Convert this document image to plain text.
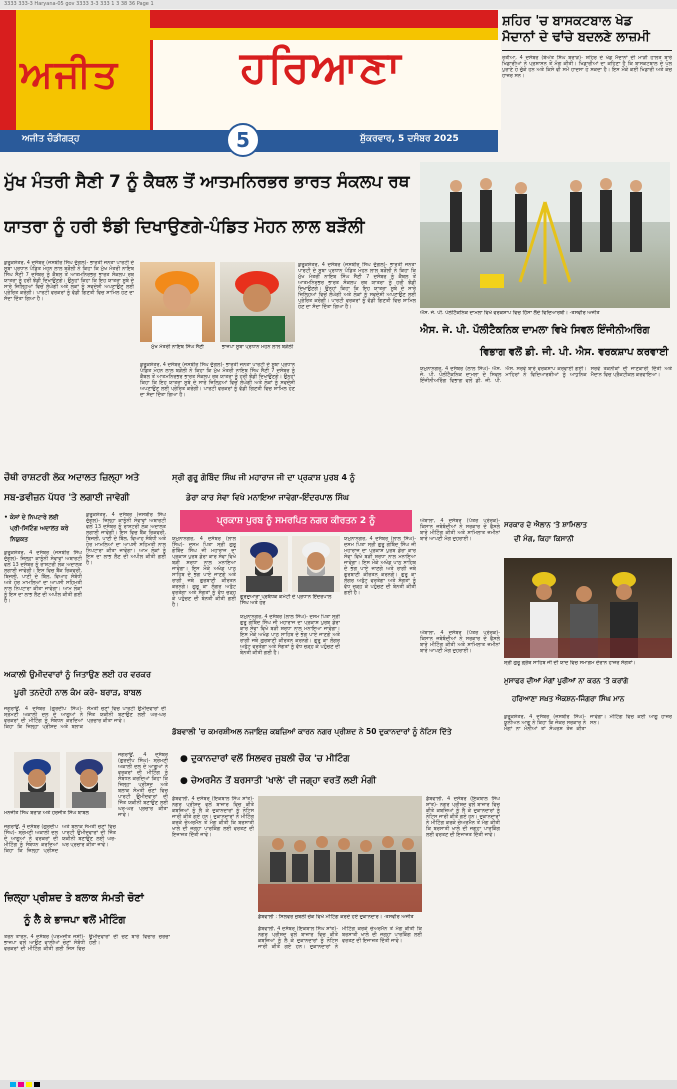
3333 333-3 Haryana-05 gov 3333 3-3 333 1 3 38 36 Page 1
ਅਜੀਤ	ਹਰਿਆਣਾ
ਅਜੀਤ ਚੰਡੀਗੜ੍ਹ	5	ਸ਼ੁੱਕਰਵਾਰ, 5 ਦਸੰਬਰ 2025
ਸ਼ਹਿਰ 'ਚ ਬਾਸਕਟਬਾਲ ਖੇਡ
ਮੈਦਾਨਾਂ ਦੇ ਢਾਂਚੇ ਬਦਲਣੇ ਲਾਜ਼ਮੀ
ਰਤੀਆ, 4 ਦਸੰਬਰ (ਬੇਅੰਤ ਸਿੰਘ ਬਰਾੜ)- ਸ਼ਹਿਰ ਦੇ ਖੇਡ ਮੈਦਾਨਾਂ ਦੀ ਮਾੜੀ ਹਾਲਤ ਬਾਰੇ ਖਿਡਾਰੀਆਂ ਨੇ ਪ੍ਰਸ਼ਾਸਨ ਤੋਂ ਮੰਗ ਕੀਤੀ। ਖਿਡਾਰੀਆਂ ਦਾ ਕਹਿਣਾ ਹੈ ਕਿ ਬਾਸਕਟਬਾਲ ਦੇ ਪੋਲ ਪੁਰਾਣੇ ਹੋ ਚੁੱਕੇ ਹਨ ਅਤੇ ਕਿਸੇ ਵੀ ਸਮੇਂ ਹਾਦਸਾ ਹੋ ਸਕਦਾ ਹੈ। ਇਸ ਮੌਕੇ ਕਈ ਖਿਡਾਰੀ ਅਤੇ ਕੋਚ ਹਾਜ਼ਰ ਸਨ।
ਮੁੱਖ ਮੰਤਰੀ ਸੈਣੀ 7 ਨੂੰ ਕੈਥਲ ਤੋਂ ਆਤਮਨਿਰਭਰ ਭਾਰਤ ਸੰਕਲਪ ਰਥ
ਯਾਤਰਾ ਨੂੰ ਹਰੀ ਝੰਡੀ ਦਿਖਾਉਣਗੇ-ਪੰਡਿਤ ਮੋਹਨ ਲਾਲ ਬੜੌਲੀ
ਕੁਰੂਕਸ਼ੇਤਰ, 4 ਦਸੰਬਰ (ਜਸਬੀਰ ਸਿੰਘ ਦੁੱਗਲ)- ਭਾਰਤੀ ਜਨਤਾ ਪਾਰਟੀ ਦੇ ਸੂਬਾ ਪ੍ਰਧਾਨ ਪੰਡਿਤ ਮੋਹਨ ਲਾਲ ਬੜੌਲੀ ਨੇ ਕਿਹਾ ਕਿ ਮੁੱਖ ਮੰਤਰੀ ਨਾਇਬ ਸਿੰਘ ਸੈਣੀ 7 ਦਸੰਬਰ ਨੂੰ ਕੈਥਲ ਤੋਂ ਆਤਮਨਿਰਭਰ ਭਾਰਤ ਸੰਕਲਪ ਰਥ ਯਾਤਰਾ ਨੂੰ ਹਰੀ ਝੰਡੀ ਦਿਖਾਉਣਗੇ। ਉਨ੍ਹਾਂ ਕਿਹਾ ਕਿ ਇਹ ਯਾਤਰਾ ਸੂਬੇ ਦੇ ਸਾਰੇ ਜ਼ਿਲ੍ਹਿਆਂ ਵਿਚੋਂ ਲੰਘੇਗੀ ਅਤੇ ਲੋਕਾਂ ਨੂੰ ਸਵਦੇਸ਼ੀ ਅਪਣਾਉਣ ਲਈ ਪ੍ਰੇਰਿਤ ਕਰੇਗੀ। ਪਾਰਟੀ ਵਰਕਰਾਂ ਨੂੰ ਵੱਡੀ ਗਿਣਤੀ ਵਿਚ ਸ਼ਾਮਿਲ ਹੋਣ ਦਾ ਸੱਦਾ ਦਿੱਤਾ ਗਿਆ ਹੈ।
ਮੁੱਖ ਮੰਤਰੀ ਨਾਇਬ ਸਿੰਘ ਸੈਣੀ	ਭਾਜਪਾ ਸੂਬਾ ਪ੍ਰਧਾਨ ਮੋਹਨ ਲਾਲ ਬੜੌਲੀ
ਕੁਰੂਕਸ਼ੇਤਰ, 4 ਦਸੰਬਰ (ਜਸਬੀਰ ਸਿੰਘ ਦੁੱਗਲ)- ਭਾਰਤੀ ਜਨਤਾ ਪਾਰਟੀ ਦੇ ਸੂਬਾ ਪ੍ਰਧਾਨ ਪੰਡਿਤ ਮੋਹਨ ਲਾਲ ਬੜੌਲੀ ਨੇ ਕਿਹਾ ਕਿ ਮੁੱਖ ਮੰਤਰੀ ਨਾਇਬ ਸਿੰਘ ਸੈਣੀ 7 ਦਸੰਬਰ ਨੂੰ ਕੈਥਲ ਤੋਂ ਆਤਮਨਿਰਭਰ ਭਾਰਤ ਸੰਕਲਪ ਰਥ ਯਾਤਰਾ ਨੂੰ ਹਰੀ ਝੰਡੀ ਦਿਖਾਉਣਗੇ। ਉਨ੍ਹਾਂ ਕਿਹਾ ਕਿ ਇਹ ਯਾਤਰਾ ਸੂਬੇ ਦੇ ਸਾਰੇ ਜ਼ਿਲ੍ਹਿਆਂ ਵਿਚੋਂ ਲੰਘੇਗੀ ਅਤੇ ਲੋਕਾਂ ਨੂੰ ਸਵਦੇਸ਼ੀ ਅਪਣਾਉਣ ਲਈ ਪ੍ਰੇਰਿਤ ਕਰੇਗੀ। ਪਾਰਟੀ ਵਰਕਰਾਂ ਨੂੰ ਵੱਡੀ ਗਿਣਤੀ ਵਿਚ ਸ਼ਾਮਿਲ ਹੋਣ ਦਾ ਸੱਦਾ ਦਿੱਤਾ ਗਿਆ ਹੈ।
ਕੁਰੂਕਸ਼ੇਤਰ, 4 ਦਸੰਬਰ (ਜਸਬੀਰ ਸਿੰਘ ਦੁੱਗਲ)- ਭਾਰਤੀ ਜਨਤਾ ਪਾਰਟੀ ਦੇ ਸੂਬਾ ਪ੍ਰਧਾਨ ਪੰਡਿਤ ਮੋਹਨ ਲਾਲ ਬੜੌਲੀ ਨੇ ਕਿਹਾ ਕਿ ਮੁੱਖ ਮੰਤਰੀ ਨਾਇਬ ਸਿੰਘ ਸੈਣੀ 7 ਦਸੰਬਰ ਨੂੰ ਕੈਥਲ ਤੋਂ ਆਤਮਨਿਰਭਰ ਭਾਰਤ ਸੰਕਲਪ ਰਥ ਯਾਤਰਾ ਨੂੰ ਹਰੀ ਝੰਡੀ ਦਿਖਾਉਣਗੇ। ਉਨ੍ਹਾਂ ਕਿਹਾ ਕਿ ਇਹ ਯਾਤਰਾ ਸੂਬੇ ਦੇ ਸਾਰੇ ਜ਼ਿਲ੍ਹਿਆਂ ਵਿਚੋਂ ਲੰਘੇਗੀ ਅਤੇ ਲੋਕਾਂ ਨੂੰ ਸਵਦੇਸ਼ੀ ਅਪਣਾਉਣ ਲਈ ਪ੍ਰੇਰਿਤ ਕਰੇਗੀ। ਪਾਰਟੀ ਵਰਕਰਾਂ ਨੂੰ ਵੱਡੀ ਗਿਣਤੀ ਵਿਚ ਸ਼ਾਮਿਲ ਹੋਣ ਦਾ ਸੱਦਾ ਦਿੱਤਾ ਗਿਆ ਹੈ।
ਐਸ. ਜੇ. ਪੀ. ਪੌਲੀਟੈਕਨਿਕ ਦਾਮਲਾ ਵਿਖੇ ਵਰਕਸ਼ਾਪ ਵਿਚ ਹਿੱਸਾ ਲੈਂਦੇ ਵਿਦਿਆਰਥੀ। -ਤਸਵੀਰ ਅਜੀਤ
ਐਸ. ਜੇ. ਪੀ. ਪੌਲੀਟੈਕਨਿਕ ਦਾਮਲਾ ਵਿਖੇ ਸਿਵਲ ਇੰਜੀਨੀਅਰਿੰਗ
ਵਿਭਾਗ ਵਲੋਂ ਡੀ. ਜੀ. ਪੀ. ਐਸ. ਵਰਕਸ਼ਾਪ ਕਰਵਾਈ
ਯਮੁਨਾਨਗਰ, 4 ਦਸੰਬਰ (ਲਾਲ ਸਿੰਘ)- ਐਸ. ਜੇ. ਪੀ. ਪੌਲੀਟੈਕਨਿਕ ਦਾਮਲਾ ਦੇ ਸਿਵਲ ਇੰਜੀਨੀਅਰਿੰਗ ਵਿਭਾਗ ਵਲੋਂ ਡੀ. ਜੀ. ਪੀ. ਐਸ. ਸਰਵੇ ਬਾਰੇ ਵਰਕਸ਼ਾਪ ਕਰਵਾਈ ਗਈ। ਮਾਹਿਰਾਂ ਨੇ ਵਿਦਿਆਰਥੀਆਂ ਨੂੰ ਆਧੁਨਿਕ ਸਰਵੇ ਤਕਨੀਕਾਂ ਦੀ ਜਾਣਕਾਰੀ ਦਿੱਤੀ ਅਤੇ ਮੈਦਾਨ ਵਿਚ ਪ੍ਰੈਕਟੀਕਲ ਕਰਵਾਇਆ।
ਚੌਥੀ ਰਾਸ਼ਟਰੀ ਲੋਕ ਅਦਾਲਤ ਜ਼ਿਲ੍ਹਾ ਅਤੇ
ਸਬ-ਡਵੀਜ਼ਨ ਪੱਧਰ 'ਤੇ ਲਗਾਈ ਜਾਵੇਗੀ
• ਕੇਸਾਂ ਦੇ ਨਿਪਟਾਰੇ ਲਈ
ਪ੍ਰੀ-ਸਿਟਿੰਗ ਅਦਾਲਤ ਕਰੇ
ਨਿਯੁਕਤ
ਕੁਰੂਕਸ਼ੇਤਰ, 4 ਦਸੰਬਰ (ਜਸਬੀਰ ਸਿੰਘ ਦੁੱਗਲ)- ਜ਼ਿਲ੍ਹਾ ਕਾਨੂੰਨੀ ਸੇਵਾਵਾਂ ਅਥਾਰਟੀ ਵਲੋਂ 13 ਦਸੰਬਰ ਨੂੰ ਰਾਸ਼ਟਰੀ ਲੋਕ ਅਦਾਲਤ ਲਗਾਈ ਜਾਵੇਗੀ। ਇਸ ਵਿਚ ਬੈਂਕ ਰਿਕਵਰੀ, ਬਿਜਲੀ, ਪਾਣੀ ਦੇ ਬਿੱਲ, ਵਿਆਹ ਸੰਬੰਧੀ ਅਤੇ ਹੋਰ ਮਾਮਲਿਆਂ ਦਾ ਆਪਸੀ ਸਹਿਮਤੀ ਨਾਲ ਨਿਪਟਾਰਾ ਕੀਤਾ ਜਾਵੇਗਾ। ਆਮ ਲੋਕਾਂ ਨੂੰ ਇਸ ਦਾ ਲਾਭ ਲੈਣ ਦੀ ਅਪੀਲ ਕੀਤੀ ਗਈ ਹੈ।
ਕੁਰੂਕਸ਼ੇਤਰ, 4 ਦਸੰਬਰ (ਜਸਬੀਰ ਸਿੰਘ ਦੁੱਗਲ)- ਜ਼ਿਲ੍ਹਾ ਕਾਨੂੰਨੀ ਸੇਵਾਵਾਂ ਅਥਾਰਟੀ ਵਲੋਂ 13 ਦਸੰਬਰ ਨੂੰ ਰਾਸ਼ਟਰੀ ਲੋਕ ਅਦਾਲਤ ਲਗਾਈ ਜਾਵੇਗੀ। ਇਸ ਵਿਚ ਬੈਂਕ ਰਿਕਵਰੀ, ਬਿਜਲੀ, ਪਾਣੀ ਦੇ ਬਿੱਲ, ਵਿਆਹ ਸੰਬੰਧੀ ਅਤੇ ਹੋਰ ਮਾਮਲਿਆਂ ਦਾ ਆਪਸੀ ਸਹਿਮਤੀ ਨਾਲ ਨਿਪਟਾਰਾ ਕੀਤਾ ਜਾਵੇਗਾ। ਆਮ ਲੋਕਾਂ ਨੂੰ ਇਸ ਦਾ ਲਾਭ ਲੈਣ ਦੀ ਅਪੀਲ ਕੀਤੀ ਗਈ ਹੈ।
ਅਕਾਲੀ ਉਮੀਦਵਾਰਾਂ ਨੂੰ ਜਿਤਾਉਣ ਲਈ ਹਰ ਵਰਕਰ
ਪੂਰੀ ਤਨਦੇਹੀ ਨਾਲ ਕੰਮ ਕਰੇ- ਬਰਾੜ, ਬਾਬਲ
ਜਗਰਾਉਂ, 4 ਦਸੰਬਰ (ਗੁਰਦੀਪ ਸਿੰਘ)- ਸ਼੍ਰੋਮਣੀ ਅਕਾਲੀ ਦਲ ਦੇ ਆਗੂਆਂ ਨੇ ਵਰਕਰਾਂ ਦੀ ਮੀਟਿੰਗ ਨੂੰ ਸੰਬੋਧਨ ਕਰਦਿਆਂ ਕਿਹਾ ਕਿ ਜ਼ਿਲ੍ਹਾ ਪ੍ਰੀਸ਼ਦ ਅਤੇ ਬਲਾਕ ਸੰਮਤੀ ਚੋਣਾਂ ਵਿਚ ਪਾਰਟੀ ਉਮੀਦਵਾਰਾਂ ਦੀ ਜਿੱਤ ਯਕੀਨੀ ਬਣਾਉਣ ਲਈ ਘਰ-ਘਰ ਪ੍ਰਚਾਰ ਕੀਤਾ ਜਾਵੇ।
ਮਨਜੀਤ ਸਿੰਘ ਬਰਾੜ ਅਤੇ ਹਰਜੀਤ ਸਿੰਘ ਬਾਬਲ
ਜਗਰਾਉਂ, 4 ਦਸੰਬਰ (ਗੁਰਦੀਪ ਸਿੰਘ)- ਸ਼੍ਰੋਮਣੀ ਅਕਾਲੀ ਦਲ ਦੇ ਆਗੂਆਂ ਨੇ ਵਰਕਰਾਂ ਦੀ ਮੀਟਿੰਗ ਨੂੰ ਸੰਬੋਧਨ ਕਰਦਿਆਂ ਕਿਹਾ ਕਿ ਜ਼ਿਲ੍ਹਾ ਪ੍ਰੀਸ਼ਦ ਅਤੇ ਬਲਾਕ ਸੰਮਤੀ ਚੋਣਾਂ ਵਿਚ ਪਾਰਟੀ ਉਮੀਦਵਾਰਾਂ ਦੀ ਜਿੱਤ ਯਕੀਨੀ ਬਣਾਉਣ ਲਈ ਘਰ-ਘਰ ਪ੍ਰਚਾਰ ਕੀਤਾ ਜਾਵੇ।
ਜਗਰਾਉਂ, 4 ਦਸੰਬਰ (ਗੁਰਦੀਪ ਸਿੰਘ)- ਸ਼੍ਰੋਮਣੀ ਅਕਾਲੀ ਦਲ ਦੇ ਆਗੂਆਂ ਨੇ ਵਰਕਰਾਂ ਦੀ ਮੀਟਿੰਗ ਨੂੰ ਸੰਬੋਧਨ ਕਰਦਿਆਂ ਕਿਹਾ ਕਿ ਜ਼ਿਲ੍ਹਾ ਪ੍ਰੀਸ਼ਦ ਅਤੇ ਬਲਾਕ ਸੰਮਤੀ ਚੋਣਾਂ ਵਿਚ ਪਾਰਟੀ ਉਮੀਦਵਾਰਾਂ ਦੀ ਜਿੱਤ ਯਕੀਨੀ ਬਣਾਉਣ ਲਈ ਘਰ-ਘਰ ਪ੍ਰਚਾਰ ਕੀਤਾ ਜਾਵੇ।
ਜ਼ਿਲ੍ਹਾ ਪ੍ਰੀਸ਼ਦ ਤੇ ਬਲਾਕ ਸੰਮਤੀ ਚੋਣਾਂ
ਨੂੰ ਲੈ ਕੇ ਭਾਜਪਾ ਵਲੋਂ ਮੀਟਿੰਗ
ਤਰਨ ਤਾਰਨ, 4 ਦਸੰਬਰ (ਪਰਮਜੀਤ ਜੋਸ਼ੀ)- ਭਾਜਪਾ ਵਲੋਂ ਆਉਣ ਵਾਲੀਆਂ ਚੋਣਾਂ ਸੰਬੰਧੀ ਵਰਕਰਾਂ ਦੀ ਮੀਟਿੰਗ ਕੀਤੀ ਗਈ ਜਿਸ ਵਿਚ ਉਮੀਦਵਾਰਾਂ ਦੀ ਚੋਣ ਬਾਰੇ ਵਿਚਾਰ ਚਰਚਾ ਹੋਈ।
ਸ੍ਰੀ ਗੁਰੂ ਗੋਬਿੰਦ ਸਿੰਘ ਜੀ ਮਹਾਰਾਜ ਜੀ ਦਾ ਪ੍ਰਕਾਸ਼ ਪੁਰਬ 4 ਨੂੰ
ਡੇਰਾ ਕਾਰ ਸੇਵਾ ਵਿਖੇ ਮਨਾਇਆ ਜਾਵੇਗਾ-ਇੰਦਰਪਾਲ ਸਿੰਘ
ਪ੍ਰਕਾਸ਼ ਪੁਰਬ ਨੂੰ ਸਮਰਪਿਤ ਨਗਰ ਕੀਰਤਨ 2 ਨੂੰ
ਯਮੁਨਾਨਗਰ, 4 ਦਸੰਬਰ (ਲਾਲ ਸਿੰਘ)- ਦਸਮ ਪਿਤਾ ਸ੍ਰੀ ਗੁਰੂ ਗੋਬਿੰਦ ਸਿੰਘ ਜੀ ਮਹਾਰਾਜ ਦਾ ਪ੍ਰਕਾਸ਼ ਪੁਰਬ ਡੇਰਾ ਕਾਰ ਸੇਵਾ ਵਿਖੇ ਬੜੀ ਸ਼ਰਧਾ ਨਾਲ ਮਨਾਇਆ ਜਾਵੇਗਾ। ਇਸ ਮੌਕੇ ਅਖੰਡ ਪਾਠ ਸਾਹਿਬ ਦੇ ਭੋਗ ਪਾਏ ਜਾਣਗੇ ਅਤੇ ਰਾਗੀ ਜਥੇ ਗੁਰਬਾਣੀ ਕੀਰਤਨ ਕਰਨਗੇ। ਗੁਰੂ ਕਾ ਲੰਗਰ ਅਤੁੱਟ ਵਰਤੇਗਾ ਅਤੇ ਸੰਗਤਾਂ ਨੂੰ ਵੱਧ ਚੜ੍ਹ ਕੇ ਪਹੁੰਚਣ ਦੀ ਬੇਨਤੀ ਕੀਤੀ ਗਈ ਹੈ।
ਗੁਰਦੁਆਰਾ ਪ੍ਰਬੰਧਕ ਕਮੇਟੀ ਦੇ ਪ੍ਰਧਾਨ ਇੰਦਰਪਾਲ ਸਿੰਘ ਅਤੇ ਹੋਰ
ਯਮੁਨਾਨਗਰ, 4 ਦਸੰਬਰ (ਲਾਲ ਸਿੰਘ)- ਦਸਮ ਪਿਤਾ ਸ੍ਰੀ ਗੁਰੂ ਗੋਬਿੰਦ ਸਿੰਘ ਜੀ ਮਹਾਰਾਜ ਦਾ ਪ੍ਰਕਾਸ਼ ਪੁਰਬ ਡੇਰਾ ਕਾਰ ਸੇਵਾ ਵਿਖੇ ਬੜੀ ਸ਼ਰਧਾ ਨਾਲ ਮਨਾਇਆ ਜਾਵੇਗਾ। ਇਸ ਮੌਕੇ ਅਖੰਡ ਪਾਠ ਸਾਹਿਬ ਦੇ ਭੋਗ ਪਾਏ ਜਾਣਗੇ ਅਤੇ ਰਾਗੀ ਜਥੇ ਗੁਰਬਾਣੀ ਕੀਰਤਨ ਕਰਨਗੇ। ਗੁਰੂ ਕਾ ਲੰਗਰ ਅਤੁੱਟ ਵਰਤੇਗਾ ਅਤੇ ਸੰਗਤਾਂ ਨੂੰ ਵੱਧ ਚੜ੍ਹ ਕੇ ਪਹੁੰਚਣ ਦੀ ਬੇਨਤੀ ਕੀਤੀ ਗਈ ਹੈ।
ਯਮੁਨਾਨਗਰ, 4 ਦਸੰਬਰ (ਲਾਲ ਸਿੰਘ)- ਦਸਮ ਪਿਤਾ ਸ੍ਰੀ ਗੁਰੂ ਗੋਬਿੰਦ ਸਿੰਘ ਜੀ ਮਹਾਰਾਜ ਦਾ ਪ੍ਰਕਾਸ਼ ਪੁਰਬ ਡੇਰਾ ਕਾਰ ਸੇਵਾ ਵਿਖੇ ਬੜੀ ਸ਼ਰਧਾ ਨਾਲ ਮਨਾਇਆ ਜਾਵੇਗਾ। ਇਸ ਮੌਕੇ ਅਖੰਡ ਪਾਠ ਸਾਹਿਬ ਦੇ ਭੋਗ ਪਾਏ ਜਾਣਗੇ ਅਤੇ ਰਾਗੀ ਜਥੇ ਗੁਰਬਾਣੀ ਕੀਰਤਨ ਕਰਨਗੇ। ਗੁਰੂ ਕਾ ਲੰਗਰ ਅਤੁੱਟ ਵਰਤੇਗਾ ਅਤੇ ਸੰਗਤਾਂ ਨੂੰ ਵੱਧ ਚੜ੍ਹ ਕੇ ਪਹੁੰਚਣ ਦੀ ਬੇਨਤੀ ਕੀਤੀ ਗਈ ਹੈ।
ਅੰਬਾਲਾ, 4 ਦਸੰਬਰ (ਪੱਤਰ ਪ੍ਰੇਰਕ)- ਕਿਸਾਨ ਜਥੇਬੰਦੀਆਂ ਨੇ ਸਰਕਾਰ ਦੇ ਫੈਸਲੇ ਬਾਰੇ ਮੀਟਿੰਗ ਕੀਤੀ ਅਤੇ ਸ਼ਾਮਿਲਾਤ ਜ਼ਮੀਨਾਂ ਬਾਰੇ ਆਪਣੀ ਮੰਗ ਦੁਹਰਾਈ।
ਸਰਕਾਰ ਦੇ ਐਲਾਨ 'ਤੇ ਸ਼ਾਮਿਲਾਤ
ਦੀ ਮੰਗ, ਕਿਹਾ ਕਿਸਾਨੀ
ਸ਼੍ਰੀ ਗੁਰੂ ਗ੍ਰੰਥ ਸਾਹਿਬ ਜੀ ਦੀ ਯਾਦ ਵਿਚ ਸਮਾਗਮ ਦੌਰਾਨ ਹਾਜ਼ਰ ਸੰਗਤਾਂ।
ਅੰਬਾਲਾ, 4 ਦਸੰਬਰ (ਪੱਤਰ ਪ੍ਰੇਰਕ)- ਕਿਸਾਨ ਜਥੇਬੰਦੀਆਂ ਨੇ ਸਰਕਾਰ ਦੇ ਫੈਸਲੇ ਬਾਰੇ ਮੀਟਿੰਗ ਕੀਤੀ ਅਤੇ ਸ਼ਾਮਿਲਾਤ ਜ਼ਮੀਨਾਂ ਬਾਰੇ ਆਪਣੀ ਮੰਗ ਦੁਹਰਾਈ।
ਮੁਸਾਫਰ ਦੀਆਂ ਮੰਗਾਂ ਪੂਰੀਆਂ ਨਾ ਕਰਨ 'ਤੇ ਕਰਾਂਗੇ
ਹਰਿਆਣਾ ਸਖ਼ਤ ਐਕਸ਼ਨ-ਜਿੰਗਰਾ ਸਿੰਘ ਮਾਨ
ਕੁਰੂਕਸ਼ੇਤਰ, 4 ਦਸੰਬਰ (ਜਸਬੀਰ ਸਿੰਘ)- ਯੂਨੀਅਨ ਆਗੂ ਨੇ ਕਿਹਾ ਕਿ ਜੇਕਰ ਸਰਕਾਰ ਨੇ ਮੰਗਾਂ ਨਾ ਮੰਨੀਆਂ ਤਾਂ ਸੰਘਰਸ਼ ਤੇਜ਼ ਕੀਤਾ ਜਾਵੇਗਾ। ਮੀਟਿੰਗ ਵਿਚ ਕਈ ਆਗੂ ਹਾਜ਼ਰ ਸਨ।
ਡੱਬਵਾਲੀ 'ਚ ਕਮਰਸ਼ੀਅਲ ਨਜਾਇਜ਼ ਕਬਜ਼ਿਆਂ ਕਾਰਨ ਨਗਰ ਪ੍ਰੀਸ਼ਦ ਨੇ 50 ਦੁਕਾਨਦਾਰਾਂ ਨੂੰ ਨੋਟਿਸ ਦਿੱਤੇ
● ਦੁਕਾਨਦਾਰਾਂ ਵਲੋਂ ਸਿਲਵਰ ਜੁਬਲੀ ਚੌਕ 'ਚ ਮੀਟਿੰਗ
● ਚੇਅਰਮੈਨ ਤੋਂ ਬਰਸਾਤੀ 'ਖਾਲੇ' ਦੀ ਜਗ੍ਹਾ ਵਰਤੋਂ ਲਈ ਮੰਗੀ
ਡੱਬਵਾਲੀ, 4 ਦਸੰਬਰ (ਇਕਬਾਲ ਸਿੰਘ ਸ਼ਾਂਤ)- ਨਗਰ ਪ੍ਰੀਸ਼ਦ ਵਲੋਂ ਬਾਜ਼ਾਰ ਵਿਚ ਕੀਤੇ ਕਬਜ਼ਿਆਂ ਨੂੰ ਲੈ ਕੇ ਦੁਕਾਨਦਾਰਾਂ ਨੂੰ ਨੋਟਿਸ ਜਾਰੀ ਕੀਤੇ ਗਏ ਹਨ। ਦੁਕਾਨਦਾਰਾਂ ਨੇ ਮੀਟਿੰਗ ਕਰਕੇ ਚੇਅਰਮੈਨ ਤੋਂ ਮੰਗ ਕੀਤੀ ਕਿ ਬਰਸਾਤੀ ਖਾਲੇ ਦੀ ਜਗ੍ਹਾ ਪਾਰਕਿੰਗ ਲਈ ਵਰਤਣ ਦੀ ਇਜਾਜ਼ਤ ਦਿੱਤੀ ਜਾਵੇ।
ਡੱਬਵਾਲੀ : ਸਿਲਵਰ ਜੁਬਲੀ ਚੌਕ ਵਿਖੇ ਮੀਟਿੰਗ ਕਰਦੇ ਹੋਏ ਦੁਕਾਨਦਾਰ। -ਤਸਵੀਰ ਅਜੀਤ
ਡੱਬਵਾਲੀ, 4 ਦਸੰਬਰ (ਇਕਬਾਲ ਸਿੰਘ ਸ਼ਾਂਤ)- ਨਗਰ ਪ੍ਰੀਸ਼ਦ ਵਲੋਂ ਬਾਜ਼ਾਰ ਵਿਚ ਕੀਤੇ ਕਬਜ਼ਿਆਂ ਨੂੰ ਲੈ ਕੇ ਦੁਕਾਨਦਾਰਾਂ ਨੂੰ ਨੋਟਿਸ ਜਾਰੀ ਕੀਤੇ ਗਏ ਹਨ। ਦੁਕਾਨਦਾਰਾਂ ਨੇ ਮੀਟਿੰਗ ਕਰਕੇ ਚੇਅਰਮੈਨ ਤੋਂ ਮੰਗ ਕੀਤੀ ਕਿ ਬਰਸਾਤੀ ਖਾਲੇ ਦੀ ਜਗ੍ਹਾ ਪਾਰਕਿੰਗ ਲਈ ਵਰਤਣ ਦੀ ਇਜਾਜ਼ਤ ਦਿੱਤੀ ਜਾਵੇ।
ਡੱਬਵਾਲੀ, 4 ਦਸੰਬਰ (ਇਕਬਾਲ ਸਿੰਘ ਸ਼ਾਂਤ)- ਨਗਰ ਪ੍ਰੀਸ਼ਦ ਵਲੋਂ ਬਾਜ਼ਾਰ ਵਿਚ ਕੀਤੇ ਕਬਜ਼ਿਆਂ ਨੂੰ ਲੈ ਕੇ ਦੁਕਾਨਦਾਰਾਂ ਨੂੰ ਨੋਟਿਸ ਜਾਰੀ ਕੀਤੇ ਗਏ ਹਨ। ਦੁਕਾਨਦਾਰਾਂ ਨੇ ਮੀਟਿੰਗ ਕਰਕੇ ਚੇਅਰਮੈਨ ਤੋਂ ਮੰਗ ਕੀਤੀ ਕਿ ਬਰਸਾਤੀ ਖਾਲੇ ਦੀ ਜਗ੍ਹਾ ਪਾਰਕਿੰਗ ਲਈ ਵਰਤਣ ਦੀ ਇਜਾਜ਼ਤ ਦਿੱਤੀ ਜਾਵੇ।
